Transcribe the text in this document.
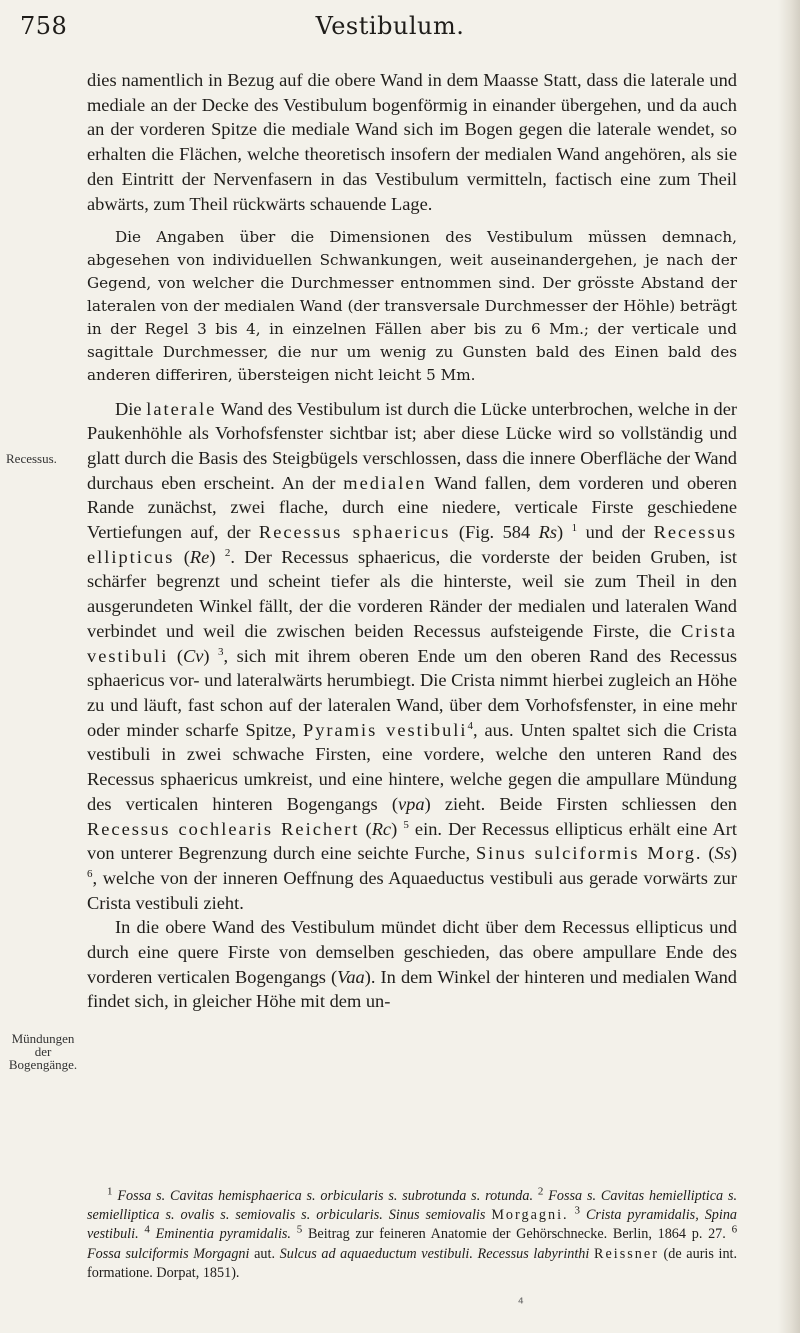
758	Vestibulum.

dies namentlich in Bezug auf die obere Wand in dem Maasse Statt, dass die laterale und mediale an der Decke des Vestibulum bogenförmig in einander übergehen, und da auch an der vorderen Spitze die mediale Wand sich im Bogen gegen die laterale wendet, so erhalten die Flächen, welche theoretisch insofern der medialen Wand angehören, als sie den Eintritt der Nervenfasern in das Vestibulum vermitteln, factisch eine zum Theil abwärts, zum Theil rückwärts schauende Lage.

Die Angaben über die Dimensionen des Vestibulum müssen demnach, abgesehen von individuellen Schwankungen, weit auseinandergehen, je nach der Gegend, von welcher die Durchmesser entnommen sind. Der grösste Abstand der lateralen von der medialen Wand (der transversale Durchmesser der Höhle) beträgt in der Regel 3 bis 4, in einzelnen Fällen aber bis zu 6 Mm.; der verticale und sagittale Durchmesser, die nur um wenig zu Gunsten bald des Einen bald des anderen differiren, übersteigen nicht leicht 5 Mm.

Die laterale Wand des Vestibulum ist durch die Lücke unterbrochen, welche in der Paukenhöhle als Vorhofsfenster sichtbar ist; aber diese Lücke wird so vollständig und glatt durch die Basis des Steigbügels verschlossen, dass die innere Oberfläche der Wand durchaus eben erscheint. An der medialen Wand fallen, dem vorderen und oberen Rande zunächst, zwei flache, durch eine niedere, verticale Firste geschiedene Vertiefungen auf, der Recessus sphaericus (Fig. 584 Rs) $^1$ und der Recessus ellipticus (Re) $^2$. Der Recessus sphaericus, die vorderste der beiden Gruben, ist schärfer begrenzt und scheint tiefer als die hinterste, weil sie zum Theil in den ausgerundeten Winkel fällt, der die vorderen Ränder der medialen und lateralen Wand verbindet und weil die zwischen beiden Recessus aufsteigende Firste, die Crista vestibuli (Cv) $^3$, sich mit ihrem oberen Ende um den oberen Rand des Recessus sphaericus vor- und lateralwärts herumbiegt. Die Crista nimmt hierbei zugleich an Höhe zu und läuft, fast schon auf der lateralen Wand, über dem Vorhofsfenster, in eine mehr oder minder scharfe Spitze, Pyramis vestibuli$^4$, aus. Unten spaltet sich die Crista vestibuli in zwei schwache Firsten, eine vordere, welche den unteren Rand des Recessus sphaericus umkreist, und eine hintere, welche gegen die ampullare Mündung des verticalen hinteren Bogengangs (vpa) zieht. Beide Firsten schliessen den Recessus cochlearis Reichert (Rc) $^5$ ein. Der Recessus ellipticus erhält eine Art von unterer Begrenzung durch eine seichte Furche, Sinus sulciformis Morg. (Ss) $^6$, welche von der inneren Oeffnung des Aquaeductus vestibuli aus gerade vorwärts zur Crista vestibuli zieht.

In die obere Wand des Vestibulum mündet dicht über dem Recessus ellipticus und durch eine quere Firste von demselben geschieden, das obere ampullare Ende des vorderen verticalen Bogengangs (Vaa). In dem Winkel der hinteren und medialen Wand findet sich, in gleicher Höhe mit dem un-

Recessus.
Mündungen der Bogengänge.

$^1$ Fossa s. Cavitas hemisphaerica s. orbicularis s. subrotunda s. rotunda. $^2$ Fossa s. Cavitas hemielliptica s. semielliptica s. ovalis s. semiovalis s. orbicularis. Sinus semiovalis Morgagni. $^3$ Crista pyramidalis, Spina vestibuli. $^4$ Eminentia pyramidalis. $^5$ Beitrag zur feineren Anatomie der Gehörschnecke. Berlin, 1864 p. 27. $^6$ Fossa sulciformis Morgagni aut. Sulcus ad aquaeductum vestibuli. Recessus labyrinthi Reissner (de auris int. formatione. Dorpat, 1851).

⁴
